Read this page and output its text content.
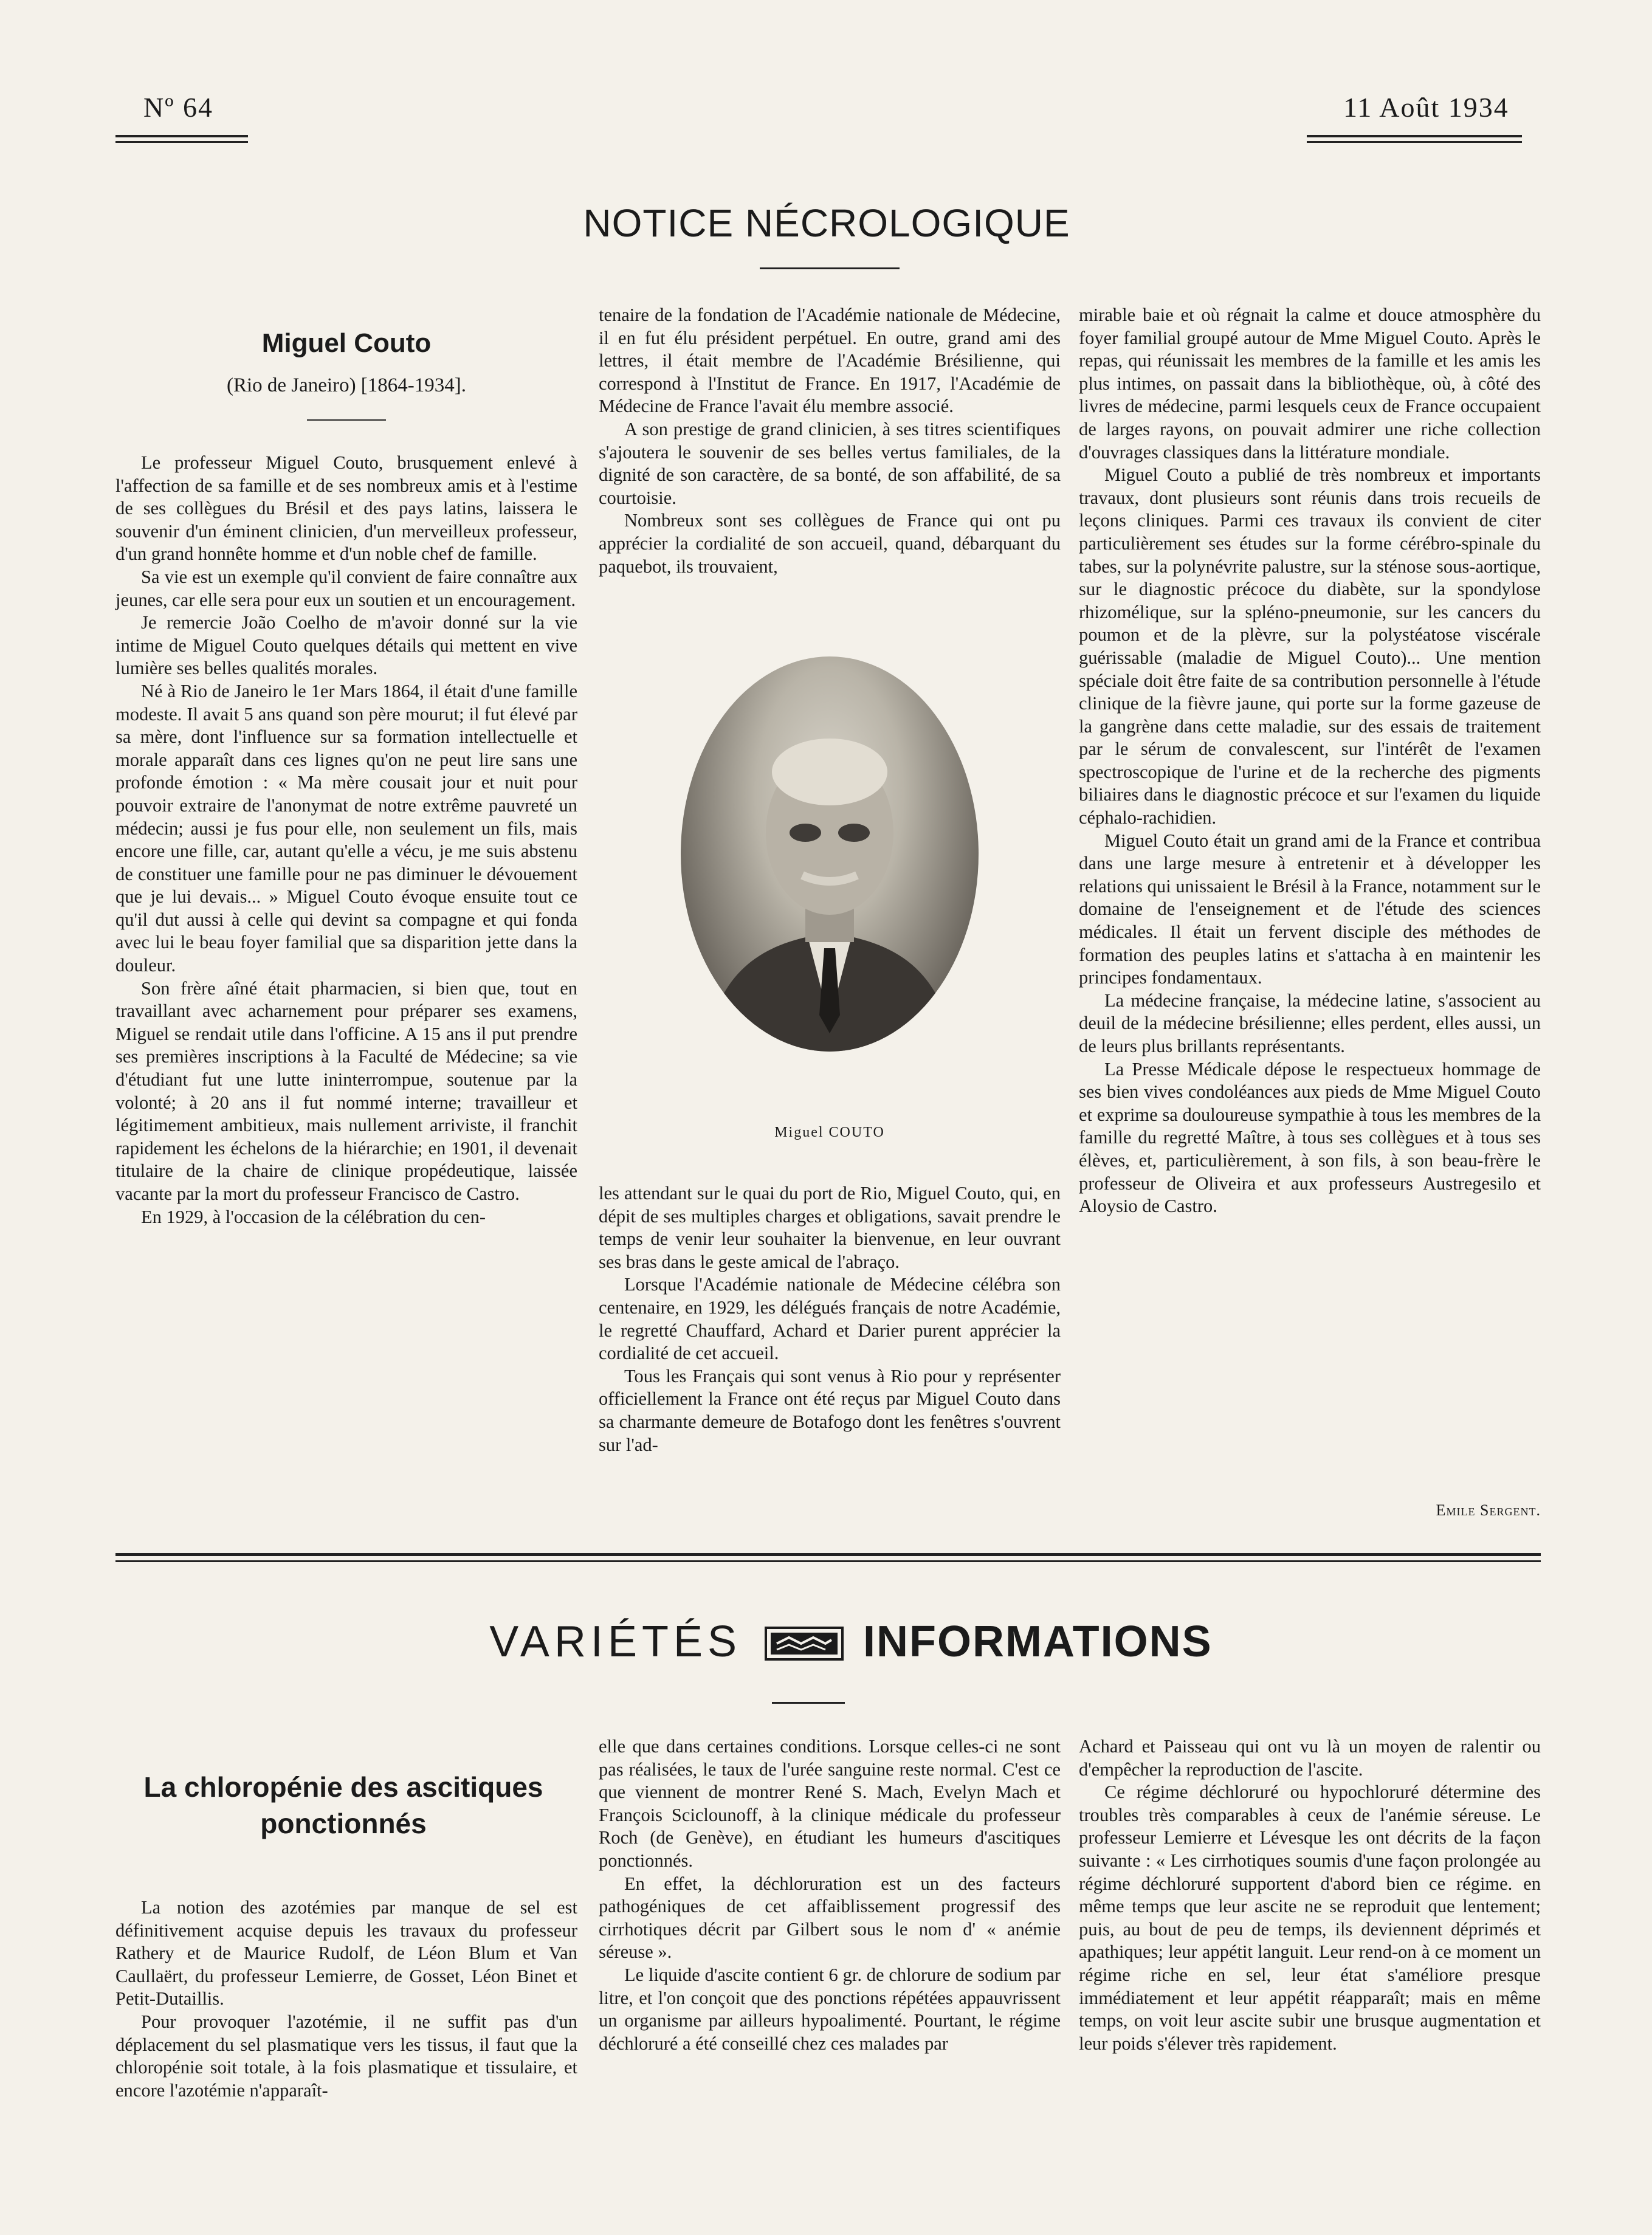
Nº 64	11 Août 1934
NOTICE NÉCROLOGIQUE
Miguel Couto
(Rio de Janeiro) [1864-1934].

Le professeur Miguel Couto, brusquement enlevé à l'affection de sa famille et de ses nombreux amis et à l'estime de ses collègues du Brésil et des pays latins, laissera le souvenir d'un éminent clinicien, d'un merveilleux professeur, d'un grand honnête homme et d'un noble chef de famille.

Sa vie est un exemple qu'il convient de faire connaître aux jeunes, car elle sera pour eux un soutien et un encouragement.

Je remercie João Coelho de m'avoir donné sur la vie intime de Miguel Couto quelques détails qui mettent en vive lumière ses belles qualités morales.

Né à Rio de Janeiro le 1er Mars 1864, il était d'une famille modeste. Il avait 5 ans quand son père mourut; il fut élevé par sa mère, dont l'influence sur sa formation intellectuelle et morale apparaît dans ces lignes qu'on ne peut lire sans une profonde émotion : « Ma mère cousait jour et nuit pour pouvoir extraire de l'anonymat de notre extrême pauvreté un médecin; aussi je fus pour elle, non seulement un fils, mais encore une fille, car, autant qu'elle a vécu, je me suis abstenu de constituer une famille pour ne pas diminuer le dévouement que je lui devais... » Miguel Couto évoque ensuite tout ce qu'il dut aussi à celle qui devint sa compagne et qui fonda avec lui le beau foyer familial que sa disparition jette dans la douleur.

Son frère aîné était pharmacien, si bien que, tout en travaillant avec acharnement pour préparer ses examens, Miguel se rendait utile dans l'officine. A 15 ans il put prendre ses premières inscriptions à la Faculté de Médecine; sa vie d'étudiant fut une lutte ininterrompue, soutenue par la volonté; à 20 ans il fut nommé interne; travailleur et légitimement ambitieux, mais nullement arriviste, il franchit rapidement les échelons de la hiérarchie; en 1901, il devenait titulaire de la chaire de clinique propédeutique, laissée vacante par la mort du professeur Francisco de Castro.

En 1929, à l'occasion de la célébration du cen-

tenaire de la fondation de l'Académie nationale de Médecine, il en fut élu président perpétuel. En outre, grand ami des lettres, il était membre de l'Académie Brésilienne, qui correspond à l'Institut de France. En 1917, l'Académie de Médecine de France l'avait élu membre associé.

A son prestige de grand clinicien, à ses titres scientifiques s'ajoutera le souvenir de ses belles vertus familiales, de la dignité de son caractère, de sa bonté, de son affabilité, de sa courtoisie.

Nombreux sont ses collègues de France qui ont pu apprécier la cordialité de son accueil, quand, débarquant du paquebot, ils trouvaient,

Miguel COUTO

les attendant sur le quai du port de Rio, Miguel Couto, qui, en dépit de ses multiples charges et obligations, savait prendre le temps de venir leur souhaiter la bienvenue, en leur ouvrant ses bras dans le geste amical de l'abraço.

Lorsque l'Académie nationale de Médecine célébra son centenaire, en 1929, les délégués français de notre Académie, le regretté Chauffard, Achard et Darier purent apprécier la cordialité de cet accueil.

Tous les Français qui sont venus à Rio pour y représenter officiellement la France ont été reçus par Miguel Couto dans sa charmante demeure de Botafogo dont les fenêtres s'ouvrent sur l'ad-

mirable baie et où régnait la calme et douce atmosphère du foyer familial groupé autour de Mme Miguel Couto. Après le repas, qui réunissait les membres de la famille et les amis les plus intimes, on passait dans la bibliothèque, où, à côté des livres de médecine, parmi lesquels ceux de France occupaient de larges rayons, on pouvait admirer une riche collection d'ouvrages classiques dans la littérature mondiale.

Miguel Couto a publié de très nombreux et importants travaux, dont plusieurs sont réunis dans trois recueils de leçons cliniques. Parmi ces travaux ils convient de citer particulièrement ses études sur la forme cérébro-spinale du tabes, sur la polynévrite palustre, sur la sténose sous-aortique, sur le diagnostic précoce du diabète, sur la spondylose rhizomélique, sur la spléno-pneumonie, sur les cancers du poumon et de la plèvre, sur la polystéatose viscérale guérissable (maladie de Miguel Couto)... Une mention spéciale doit être faite de sa contribution personnelle à l'étude clinique de la fièvre jaune, qui porte sur la forme gazeuse de la gangrène dans cette maladie, sur des essais de traitement par le sérum de convalescent, sur l'intérêt de l'examen spectroscopique de l'urine et de la recherche des pigments biliaires dans le diagnostic précoce et sur l'examen du liquide céphalo-rachidien.

Miguel Couto était un grand ami de la France et contribua dans une large mesure à entretenir et à développer les relations qui unissaient le Brésil à la France, notamment sur le domaine de l'enseignement et de l'étude des sciences médicales. Il était un fervent disciple des méthodes de formation des peuples latins et s'attacha à en maintenir les principes fondamentaux.

La médecine française, la médecine latine, s'associent au deuil de la médecine brésilienne; elles perdent, elles aussi, un de leurs plus brillants représentants.

La Presse Médicale dépose le respectueux hommage de ses bien vives condoléances aux pieds de Mme Miguel Couto et exprime sa douloureuse sympathie à tous les membres de la famille du regretté Maître, à tous ses collègues et à tous ses élèves, et, particulièrement, à son fils, à son beau-frère le professeur de Oliveira et aux professeurs Austregesilo et Aloysio de Castro.

Emile Sergent.
VARIÉTÉS	INFORMATIONS
La chloropénie des ascitiques
ponctionnés

La notion des azotémies par manque de sel est définitivement acquise depuis les travaux du professeur Rathery et de Maurice Rudolf, de Léon Blum et Van Caullaërt, du professeur Lemierre, de Gosset, Léon Binet et Petit-Dutaillis.

Pour provoquer l'azotémie, il ne suffit pas d'un déplacement du sel plasmatique vers les tissus, il faut que la chloropénie soit totale, à la fois plasmatique et tissulaire, et encore l'azotémie n'apparaît-

elle que dans certaines conditions. Lorsque celles-ci ne sont pas réalisées, le taux de l'urée sanguine reste normal. C'est ce que viennent de montrer René S. Mach, Evelyn Mach et François Sciclounoff, à la clinique médicale du professeur Roch (de Genève), en étudiant les humeurs d'ascitiques ponctionnés.

En effet, la déchloruration est un des facteurs pathogéniques de cet affaiblissement progressif des cirrhotiques décrit par Gilbert sous le nom d' « anémie séreuse ».

Le liquide d'ascite contient 6 gr. de chlorure de sodium par litre, et l'on conçoit que des ponctions répétées appauvrissent un organisme par ailleurs hypoalimenté. Pourtant, le régime déchloruré a été conseillé chez ces malades par

Achard et Paisseau qui ont vu là un moyen de ralentir ou d'empêcher la reproduction de l'ascite.

Ce régime déchloruré ou hypochloruré détermine des troubles très comparables à ceux de l'anémie séreuse. Le professeur Lemierre et Lévesque les ont décrits de la façon suivante : « Les cirrhotiques soumis d'une façon prolongée au régime déchloruré supportent d'abord bien ce régime. en même temps que leur ascite ne se reproduit que lentement; puis, au bout de peu de temps, ils deviennent déprimés et apathiques; leur appétit languit. Leur rend-on à ce moment un régime riche en sel, leur état s'améliore presque immédiatement et leur appétit réapparaît; mais en même temps, on voit leur ascite subir une brusque augmentation et leur poids s'élever très rapidement.
